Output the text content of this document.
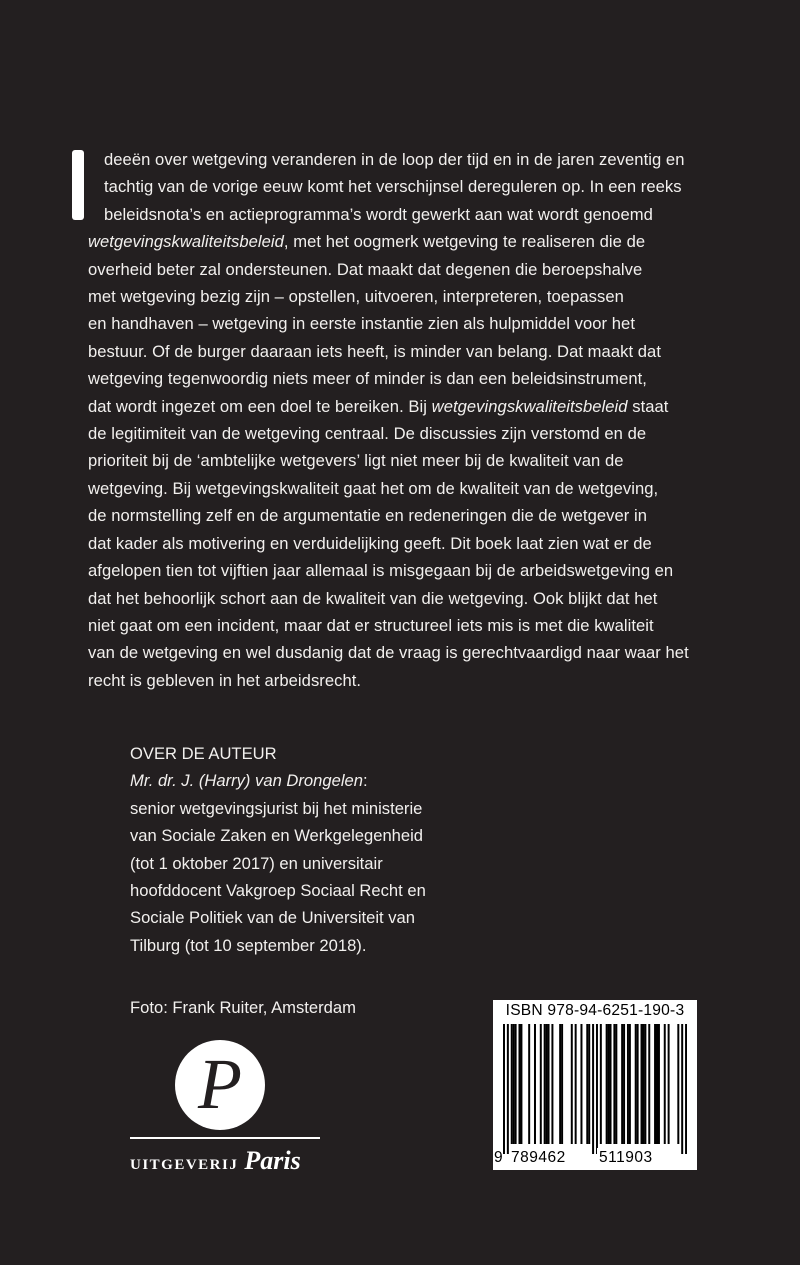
deeën over wetgeving veranderen in de loop der tijd en in de jaren zeventig en
tachtig van de vorige eeuw komt het verschijnsel dereguleren op. In een reeks
beleidsnota’s en actieprogramma’s wordt gewerkt aan wat wordt genoemd
wetgevingskwaliteitsbeleid, met het oogmerk wetgeving te realiseren die de
overheid beter zal ondersteunen. Dat maakt dat degenen die beroepshalve
met wetgeving bezig zijn – opstellen, uitvoeren, interpreteren, toepassen
en handhaven – wetgeving in eerste instantie zien als hulpmiddel voor het
bestuur. Of de burger daaraan iets heeft, is minder van belang. Dat maakt dat
wetgeving tegenwoordig niets meer of minder is dan een beleidsinstrument,
dat wordt ingezet om een doel te bereiken. Bij wetgevingskwaliteitsbeleid staat
de legitimiteit van de wetgeving centraal. De discussies zijn verstomd en de
prioriteit bij de ‘ambtelijke wetgevers’ ligt niet meer bij de kwaliteit van de
wetgeving. Bij wetgevingskwaliteit gaat het om de kwaliteit van de wetgeving,
de normstelling zelf en de argumentatie en redeneringen die de wetgever in
dat kader als motivering en verduidelijking geeft. Dit boek laat zien wat er de
afgelopen tien tot vijftien jaar allemaal is misgegaan bij de arbeidswetgeving en
dat het behoorlijk schort aan de kwaliteit van die wetgeving. Ook blijkt dat het
niet gaat om een incident, maar dat er structureel iets mis is met die kwaliteit
van de wetgeving en wel dusdanig dat de vraag is gerechtvaardigd naar waar het
recht is gebleven in het arbeidsrecht.
OVER DE AUTEUR
Mr. dr. J. (Harry) van Drongelen:
senior wetgevingsjurist bij het ministerie
van Sociale Zaken en Werkgelegenheid
(tot 1 oktober 2017) en universitair
hoofddocent Vakgroep Sociaal Recht en
Sociale Politiek van de Universiteit van
Tilburg (tot 10 september 2018).
Foto: Frank Ruiter, Amsterdam
P
UITGEVERIJ Paris
ISBN 978-94-6251-190-3
9 789462 511903
